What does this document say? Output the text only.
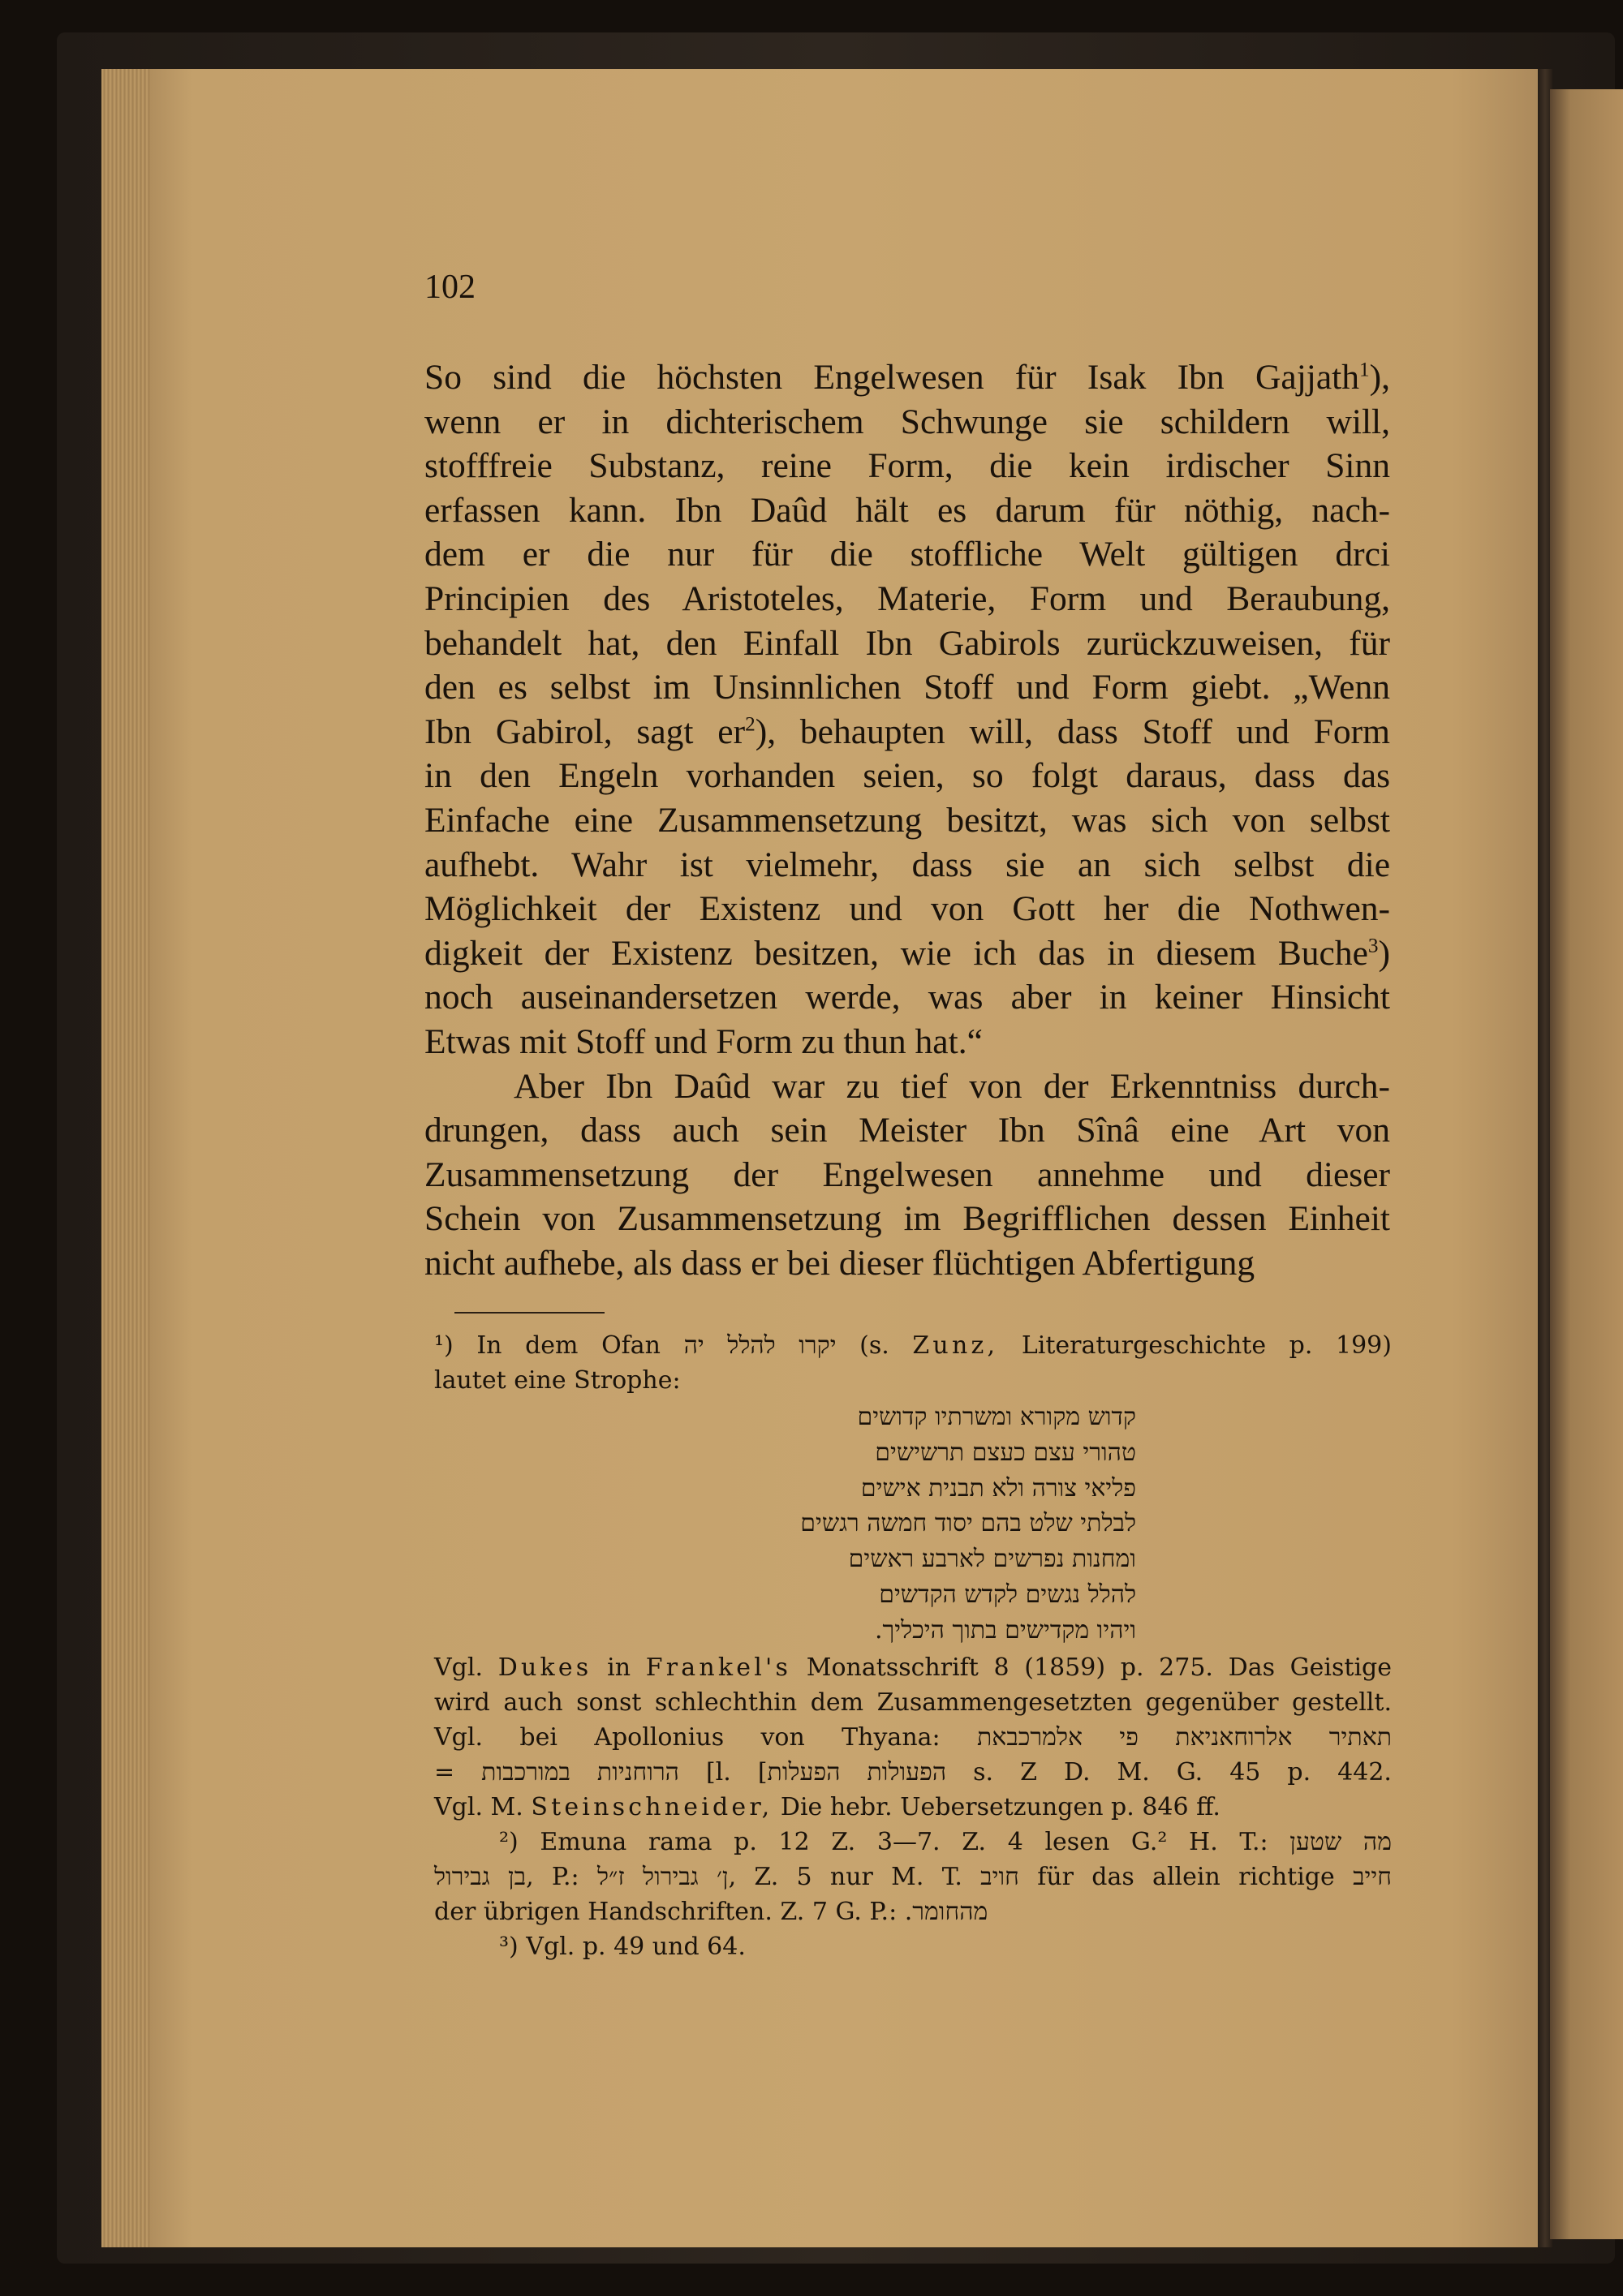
102
So sind die höchsten Engelwesen für Isak Ibn Gajjath$^1$),
wenn er in dichterischem Schwunge sie schildern will,
stofffreie Substanz, reine Form, die kein irdischer Sinn
erfassen kann. Ibn Daûd hält es darum für nöthig, nach-
dem er die nur für die stoffliche Welt gültigen drci
Principien des Aristoteles, Materie, Form und Beraubung,
behandelt hat, den Einfall Ibn Gabirols zurückzuweisen, für
den es selbst im Unsinnlichen Stoff und Form giebt. „Wenn
Ibn Gabirol, sagt $er^2$), behaupten will, dass Stoff und Form
in den Engeln vorhanden seien, so folgt daraus, dass das
Einfache eine Zusammensetzung besitzt, was sich von selbst
aufhebt. Wahr ist vielmehr, dass sie an sich selbst die
Möglichkeit der Existenz und von Gott her die Nothwen-
digkeit der Existenz besitzen, wie ich das in diesem Buche$^3$)
noch auseinandersetzen werde, was aber in keiner Hinsicht
Etwas mit Stoff und Form zu thun hat.“
Aber Ibn Daûd war zu tief von der Erkenntniss durch-
drungen, dass auch sein Meister Ibn Sînâ eine Art von
Zusammensetzung der Engelwesen annehme und dieser
Schein von Zusammensetzung im Begrifflichen dessen Einheit
nicht aufhebe, als dass er bei dieser flüchtigen Abfertigung
¹) In dem Ofan יקרו להלל יה (s. Zunz, Literaturgeschichte p. 199)
lautet eine Strophe:
קדוש מקורא ומשרתיו קדושים
טהורי עצם כעצם תרשישים
פליאי צורה ולא תבנית אישים
לבלתי שלט בהם יסוד חמשה רגשים
ומחנות נפרשים לארבע ראשים
להלל נגשים לקדש הקדשים
ויהיו מקדישים בתוך היכליך.
Vgl. Dukes in Frankel's Monatsschrift 8 (1859) p. 275. Das Geistige
wird auch sonst schlechthin dem Zusammengesetzten gegenüber gestellt.
Vgl. bei Apollonius von Thyana: תאתיר אלרוחאניאת פי אלמרכבאת
= הרוחניות במורכבות [l. הפעלות] הפעולות s. Z D. M. G. 45 p. 442.
Vgl. M. Steinschneider, Die hebr. Uebersetzungen p. 846 ff.
²) Emuna rama p. 12 Z. 3—7. Z. 4 lesen G.² H. T.: מה שטען
בן גבירול, P.: ן׳ גבירול ז״ל, Z. 5 nur M. T. חויב für das allein richtige חייב
der übrigen Handschriften. Z. 7 G. P.: מהחומר.
³) Vgl. p. 49 und 64.
